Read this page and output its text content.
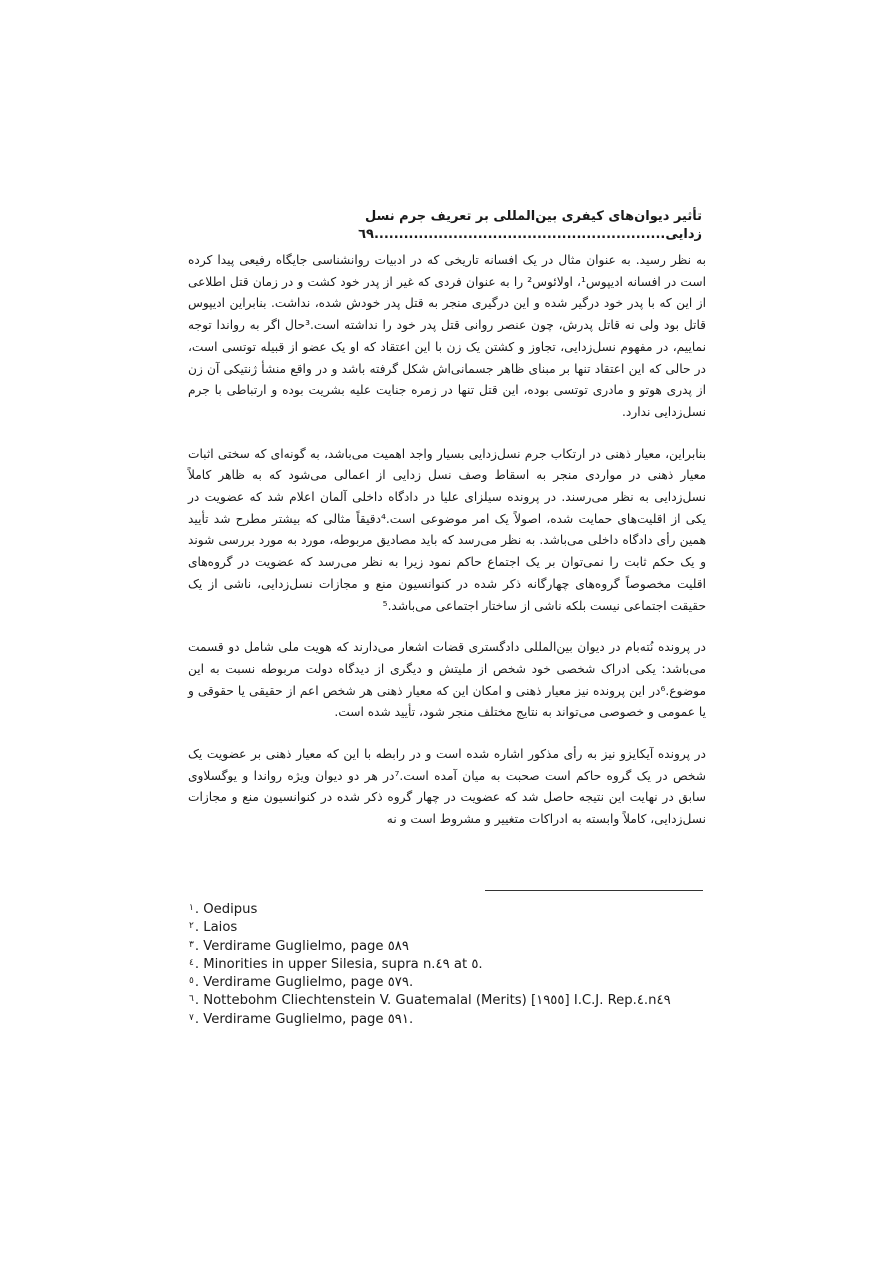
تأثیر دیوان‌های کیفری بین‌المللی بر تعریف جرم نسل
زدایی...........................................................٦٩

به نظر رسید. به عنوان مثال در یک افسانه تاریخی که در ادبیات روانشناسی جایگاه رفیعی پیدا کرده است در افسانه ادیپوس¹، اولائوس² را به عنوان فردی که غیر از پدر خود کشت و در زمان قتل اطلاعی از این که با پدر خود درگیر شده و این درگیری منجر به قتل پدر خودش شده، نداشت. بنابراین ادیپوس قاتل بود ولی نه قاتل پدرش، چون عنصر روانی قتل پدر خود را نداشته است.³حال اگر به رواندا توجه نماییم، در مفهوم نسل‌زدایی، تجاوز و کشتن یک زن با این اعتقاد که او یک عضو از قبیله توتسی است، در حالی که این اعتقاد تنها بر مبنای ظاهر جسمانی‌اش شکل گرفته باشد و در واقع منشأ ژنتیکی آن زن از پدری هوتو و مادری توتسی بوده، این قتل تنها در زمره جنایت علیه بشریت بوده و ارتباطی با جرم نسل‌زدایی ندارد.

بنابراین، معیار ذهنی در ارتکاب جرم نسل‌زدایی بسیار واجد اهمیت می‌باشد، به گونه‌ای که سختی اثبات معیار ذهنی در مواردی منجر به اسقاط وصف نسل زدایی از اعمالی می‌شود که به ظاهر کاملاً نسل‌زدایی به نظر می‌رسند. در پرونده سیلزای علیا در دادگاه داخلی آلمان اعلام شد که عضویت در یکی از اقلیت‌های حمایت شده، اصولاً یک امر موضوعی است.⁴دقیقاً مثالی که بیشتر مطرح شد تأیید همین رأی دادگاه داخلی می‌باشد. به نظر می‌رسد که باید مصادیق مربوطه، مورد به مورد بررسی شوند و یک حکم ثابت را نمی‌توان بر یک اجتماع حاکم نمود زیرا به نظر می‌رسد که عضویت در گروه‌های اقلیت مخصوصاً گروه‌های چهارگانه ذکر شده در کنوانسیون منع و مجازات نسل‌زدایی، ناشی از یک حقیقت اجتماعی نیست بلکه ناشی از ساختار اجتماعی می‌باشد.⁵

در پرونده نُته‌بام در دیوان بین‌المللی دادگستری قضات اشعار می‌دارند که هویت ملی شامل دو قسمت می‌باشد: یکی ادراک شخصی خود شخص از ملیتش و دیگری از دیدگاه دولت مربوطه نسبت به این موضوع.⁶در این پرونده نیز معیار ذهنی و امکان این که معیار ذهنی هر شخص اعم از حقیقی یا حقوقی و یا عمومی و خصوصی می‌تواند به نتایج مختلف منجر شود، تأیید شده است.

در پرونده آیکایزو نیز به رأی مذکور اشاره شده است و در رابطه با این که معیار ذهنی بر عضویت یک شخص در یک گروه حاکم است صحبت به میان آمده است.⁷در هر دو دیوان ویژه رواندا و یوگسلاوی سابق در نهایت این نتیجه حاصل شد که عضویت در چهار گروه ذکر شده در کنوانسیون منع و مجازات نسل‌زدایی، کاملاً وابسته به ادراکات متغییر و مشروط است و نه

$^١$. Oedipus
$^٢$. Laios
$^٣$. Verdirame Guglielmo, page ٥٨٩
$^٤$. Minorities in upper Silesia, supra n.٤٩ at ٥.
$^٥$. Verdirame Guglielmo, page ٥٧٩.
$^٦$. Nottebohm Cliechtenstein V. Guatemalal (Merits) [١٩٥٥] I.C.J. Rep.٤.n٤٩
$^٧$. Verdirame Guglielmo, page ٥٩١.
